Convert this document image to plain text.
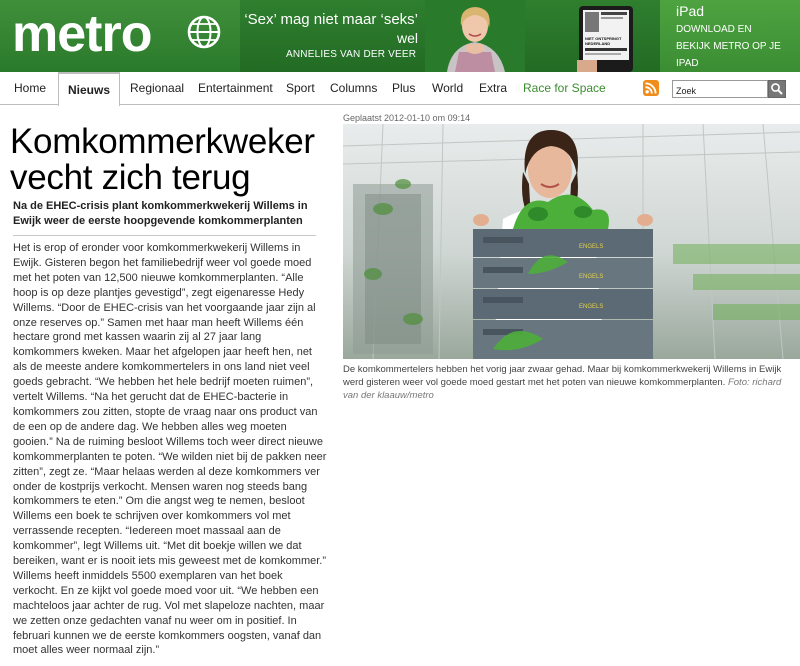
metro	‘Sex’ mag niet maar ‘seks’
wel
ANNELIES VAN DER VEER
NIET ONTSPRINGT NEDERLAND
iPad
DOWNLOAD EN
BEKIJK METRO OP JE
IPAD
Home	Nieuws	Regionaal Entertainment Sport Columns Plus World Extra Race for Space
Zoek
Komkommerkweker vecht zich terug

Na de EHEC-crisis plant komkommerkwekerij Willems in Ewijk weer de eerste hoopgevende komkommerplanten

Het is erop of eronder voor komkommerkwekerij Willems in
Ewijk. Gisteren begon het familiebedrijf weer vol goede moed
met het poten van 12,500 nieuwe komkommerplanten. “Alle
hoop is op deze plantjes gevestigd”, zegt eigenaresse Hedy
Willems. “Door de EHEC-crisis van het voorgaande jaar zijn al
onze reserves op.” Samen met haar man heeft Willems één
hectare grond met kassen waarin zij al 27 jaar lang
komkommers kweken. Maar het afgelopen jaar heeft hen, net
als de meeste andere komkommertelers in ons land niet veel
goeds gebracht. “We hebben het hele bedrijf moeten ruimen”,
vertelt Willems. “Na het gerucht dat de EHEC-bacterie in
komkommers zou zitten, stopte de vraag naar ons product van
de een op de andere dag. We hebben alles weg moeten
gooien.” Na de ruiming besloot Willems toch weer direct nieuwe
komkommerplanten te poten. “We wilden niet bij de pakken neer
zitten”, zegt ze. “Maar helaas werden al deze komkommers ver
onder de kostprijs verkocht. Mensen waren nog steeds bang
komkommers te eten.” Om die angst weg te nemen, besloot
Willems een boek te schrijven over komkommers vol met
verrassende recepten. “Iedereen moet massaal aan de
komkommer”, legt Willems uit. “Met dit boekje willen we dat
bereiken, want er is nooit iets mis geweest met de komkommer.”
Willems heeft inmiddels 5500 exemplaren van het boek
verkocht. En ze kijkt vol goede moed voor uit. “We hebben een
machteloos jaar achter de rug. Vol met slapeloze nachten, maar
we zetten onze gedachten vanaf nu weer om in positief. In
februari kunnen we de eerste komkommers oogsten, vanaf dan
moet alles weer normaal zijn.”
Geplaatst 2012-01-10 om 09:14
ENGELS
ENGELS
ENGELS
De komkommertelers hebben het vorig jaar zwaar gehad. Maar bij komkommerkwekerij Willems in Ewijk werd gisteren weer vol goede moed gestart met het poten van nieuwe komkommerplanten. Foto: richard van der klaauw/metro
